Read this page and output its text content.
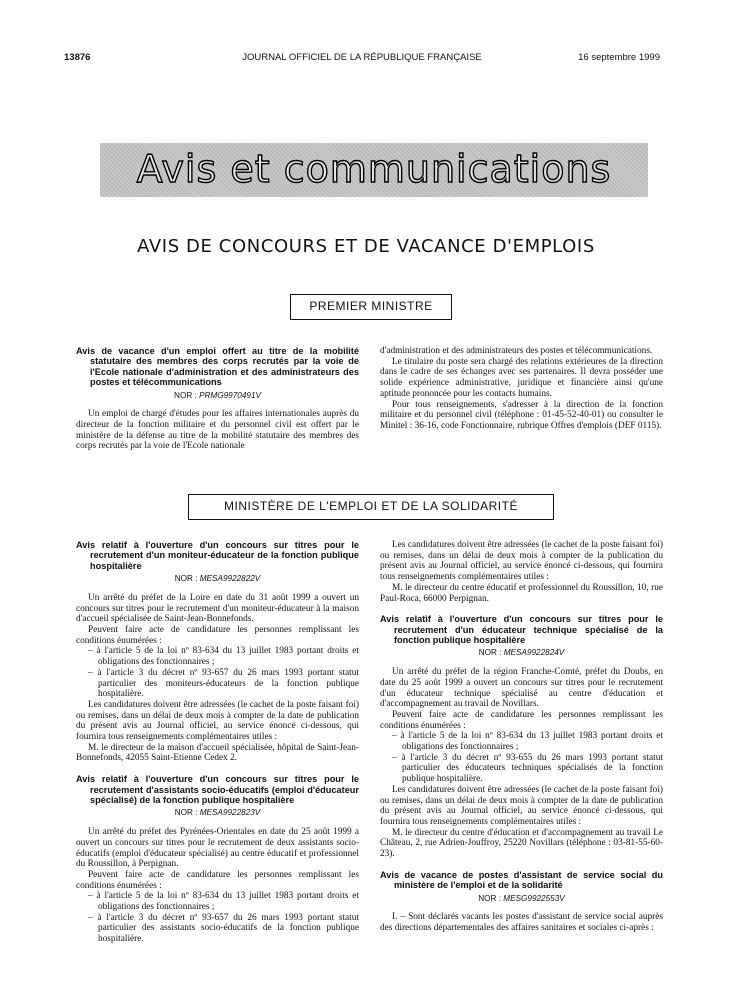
13876	JOURNAL OFFICIEL DE LA RÉPUBLIQUE FRANÇAISE	16 septembre 1999
Avis et communications
AVIS DE CONCOURS ET DE VACANCE D'EMPLOIS
PREMIER MINISTRE

Avis de vacance d'un emploi offert au titre de la mobilité statutaire des membres des corps recrutés par la voie de l'Ecole nationale d'administration et des administrateurs des postes et télécommunications

NOR : PRMG9970491V

Un emploi de chargé d'études pour les affaires internationales auprès du directeur de la fonction militaire et du personnel civil est offert par le ministère de la défense au titre de la mobilité statutaire des membres des corps recrutés par la voie de l'Ecole nationale

d'administration et des administrateurs des postes et télécommunications.

Le titulaire du poste sera chargé des relations extérieures de la direction dans le cadre de ses échanges avec ses partenaires. Il devra posséder une solide expérience administrative, juridique et financière ainsi qu'une aptitude prononcée pour les contacts humains.

Pour tous renseignements, s'adresser à la direction de la fonction militaire et du personnel civil (téléphone : 01-45-52-40-01) ou consulter le Minitel : 36-16, code Fonctionnaire, rubrique Offres d'emplois (DEF 0115).

MINISTÈRE DE L'EMPLOI ET DE LA SOLIDARITÉ

Avis relatif à l'ouverture d'un concours sur titres pour le recrutement d'un moniteur-éducateur de la fonction publique hospitalière

NOR : MESA9922822V

Un arrêté du préfet de la Loire en date du 31 août 1999 a ouvert un concours sur titres pour le recrutement d'un moniteur-éducateur à la maison d'accueil spécialisée de Saint-Jean-Bonnefonds.

Peuvent faire acte de candidature les personnes remplissant les conditions énumérées :

– à l'article 5 de la loi nº 83-634 du 13 juillet 1983 portant droits et obligations des fonctionnaires ;

– à l'article 3 du décret nº 93-657 du 26 mars 1993 portant statut particulier des moniteurs-éducateurs de la fonction publique hospitalière.

Les candidatures doivent être adressées (le cachet de la poste faisant foi) ou remises, dans un délai de deux mois à compter de la date de publication du présent avis au Journal officiel, au service énoncé ci-dessous, qui fournira tous renseignements complémentaires utiles :

M. le directeur de la maison d'accueil spécialisée, hôpital de Saint-Jean-Bonnefonds, 42055 Saint-Etienne Cedex 2.

Avis relatif à l'ouverture d'un concours sur titres pour le recrutement d'assistants socio-éducatifs (emploi d'éducateur spécialisé) de la fonction publique hospitalière

NOR : MESA9922823V

Un arrêté du préfet des Pyrénées-Orientales en date du 25 août 1999 a ouvert un concours sur titres pour le recrutement de deux assistants socio-éducatifs (emploi d'éducateur spécialisé) au centre éducatif et professionnel du Roussillon, à Perpignan.

Peuvent faire acte de candidature les personnes remplissant les conditions énumérées :

– à l'article 5 de la loi nº 83-634 du 13 juillet 1983 portant droits et obligations des fonctionnaires ;

– à l'article 3 du décret nº 93-657 du 26 mars 1993 portant statut particulier des assistants socio-éducatifs de la fonction publique hospitalière.

Les candidatures doivent être adressées (le cachet de la poste faisant foi) ou remises, dans un délai de deux mois à compter de la publication du présent avis au Journal officiel, au service énoncé ci-dessous, qui fournira tous renseignements complémentaires utiles :

M. le directeur du centre éducatif et professionnel du Roussillon, 10, rue Paul-Roca, 66000 Perpignan.

Avis relatif à l'ouverture d'un concours sur titres pour le recrutement d'un éducateur technique spécialisé de la fonction publique hospitalière

NOR : MESA9922824V

Un arrêté du préfet de la région Franche-Comté, préfet du Doubs, en date du 25 août 1999 a ouvert un concours sur titres pour le recrutement d'un éducateur technique spécialisé au centre d'éducation et d'accompagnement au travail de Novillars.

Peuvent faire acte de candidature les personnes remplissant les conditions énumérées :

– à l'article 5 de la loi nº 83-634 du 13 juillet 1983 portant droits et obligations des fonctionnaires ;

– à l'article 3 du décret nº 93-655 du 26 mars 1993 portant statut particulier des éducateurs techniques spécialisés de la fonction publique hospitalière.

Les candidatures doivent être adressées (le cachet de la poste faisant foi) ou remises, dans un délai de deux mois à compter de la date de publication du présent avis au Journal officiel, au service énoncé ci-dessous, qui fournira tous renseignements complémentaires utiles :

M. le directeur du centre d'éducation et d'accompagnement au travail Le Château, 2, rue Adrien-Jouffroy, 25220 Novillars (téléphone : 03-81-55-60-23).

Avis de vacance de postes d'assistant de service social du ministère de l'emploi et de la solidarité

NOR : MESG9922553V

I. – Sont déclarés vacants les postes d'assistant de service social auprès des directions départementales des affaires sanitaires et sociales ci-après :
